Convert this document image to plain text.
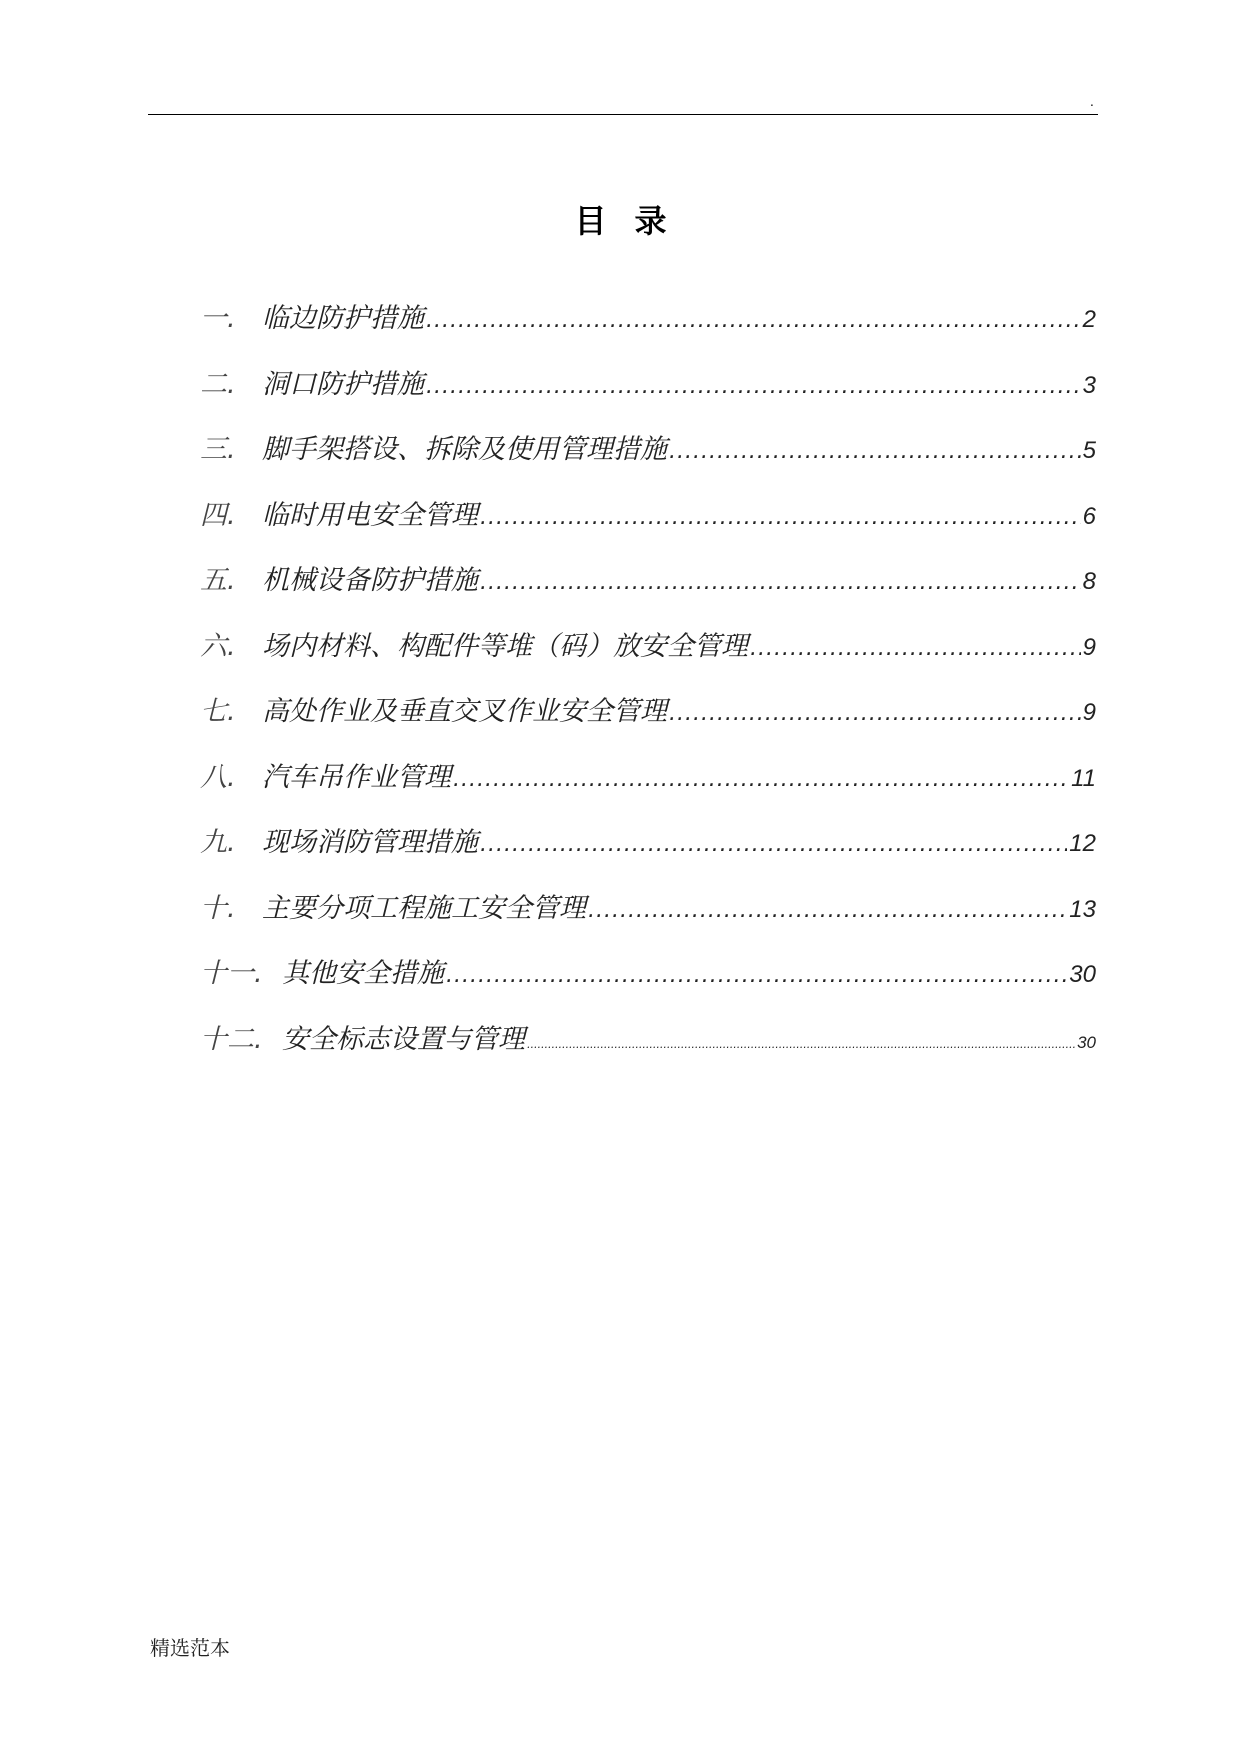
.
目 录
一. 临边防护措施 .....	2
二. 洞口防护措施 .....	3
三. 脚手架搭设、拆除及使用管理措施 .....	5
四. 临时用电安全管理 .....	6
五. 机械设备防护措施 .....	8
六. 场内材料、构配件等堆（码）放安全管理 .....	9
七. 高处作业及垂直交叉作业安全管理 .....	9
八. 汽车吊作业管理 .....	11
九. 现场消防管理措施 .....	12
十. 主要分项工程施工安全管理 .....	13
十一. 其他安全措施 .....	30
十二. 安全标志设置与管理 .....	30
精选范本
